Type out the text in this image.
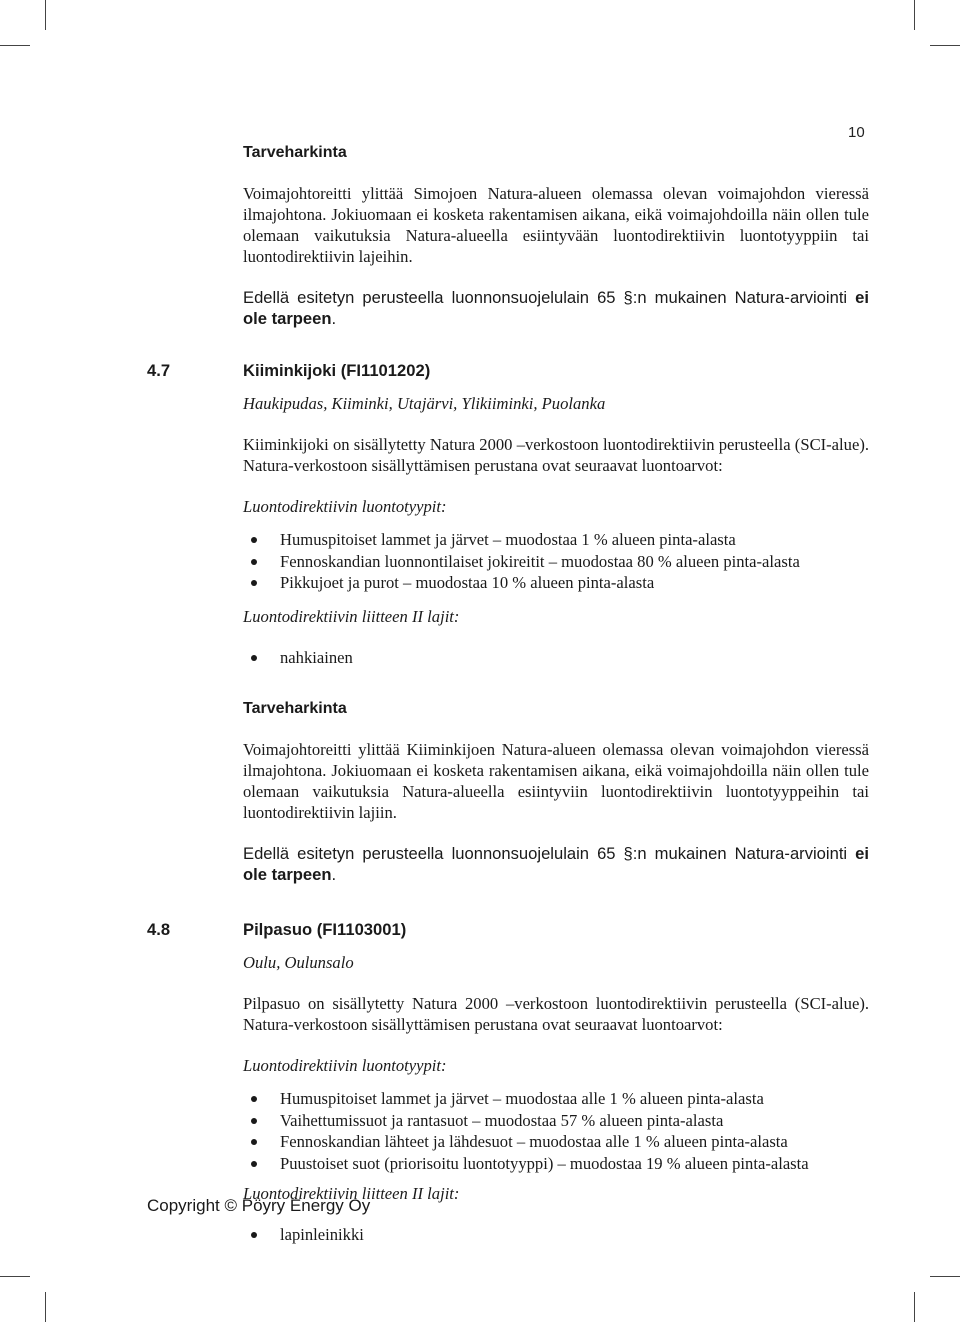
10
Tarveharkinta

Voimajohtoreitti ylittää Simojoen Natura-alueen olemassa olevan voimajohdon vieressä ilmajohtona. Jokiuomaan ei kosketa rakentamisen aikana, eikä voimajohdoilla näin ollen tule olemaan vaikutuksia Natura-alueella esiintyvään luontodirektiivin luontotyyppiin tai luontodirektiivin lajeihin.

Edellä esitetyn perusteella luonnonsuojelulain 65 §:n mukainen Natura-arviointi ei ole tarpeen.

4.7	Kiiminkijoki (FI1101202)

Haukipudas, Kiiminki, Utajärvi, Ylikiiminki, Puolanka

Kiiminkijoki on sisällytetty Natura 2000 –verkostoon luontodirektiivin perusteella (SCI-alue). Natura-verkostoon sisällyttämisen perustana ovat seuraavat luontoarvot:

Luontodirektiivin luontotyypit:

Humuspitoiset lammet ja järvet – muodostaa 1 % alueen pinta-alasta
Fennoskandian luonnontilaiset jokireitit – muodostaa 80 % alueen pinta-alasta
Pikkujoet ja purot – muodostaa 10 % alueen pinta-alasta

Luontodirektiivin liitteen II lajit:

nahkiainen
Tarveharkinta

Voimajohtoreitti ylittää Kiiminkijoen Natura-alueen olemassa olevan voimajohdon vieressä ilmajohtona. Jokiuomaan ei kosketa rakentamisen aikana, eikä voimajohdoilla näin ollen tule olemaan vaikutuksia Natura-alueella esiintyviin luontodirektiivin luontotyyppeihin tai luontodirektiivin lajiin.

Edellä esitetyn perusteella luonnonsuojelulain 65 §:n mukainen Natura-arviointi ei ole tarpeen.

4.8	Pilpasuo (FI1103001)

Oulu, Oulunsalo

Pilpasuo on sisällytetty Natura 2000 –verkostoon luontodirektiivin perusteella (SCI-alue). Natura-verkostoon sisällyttämisen perustana ovat seuraavat luontoarvot:

Luontodirektiivin luontotyypit:

Humuspitoiset lammet ja järvet – muodostaa alle 1 % alueen pinta-alasta
Vaihettumissuot ja rantasuot – muodostaa 57 % alueen pinta-alasta
Fennoskandian lähteet ja lähdesuot – muodostaa alle 1 % alueen pinta-alasta
Puustoiset suot (priorisoitu luontotyyppi) – muodostaa 19 % alueen pinta-alasta

Luontodirektiivin liitteen II lajit:

lapinleinikki
Copyright © Pöyry Energy Oy
